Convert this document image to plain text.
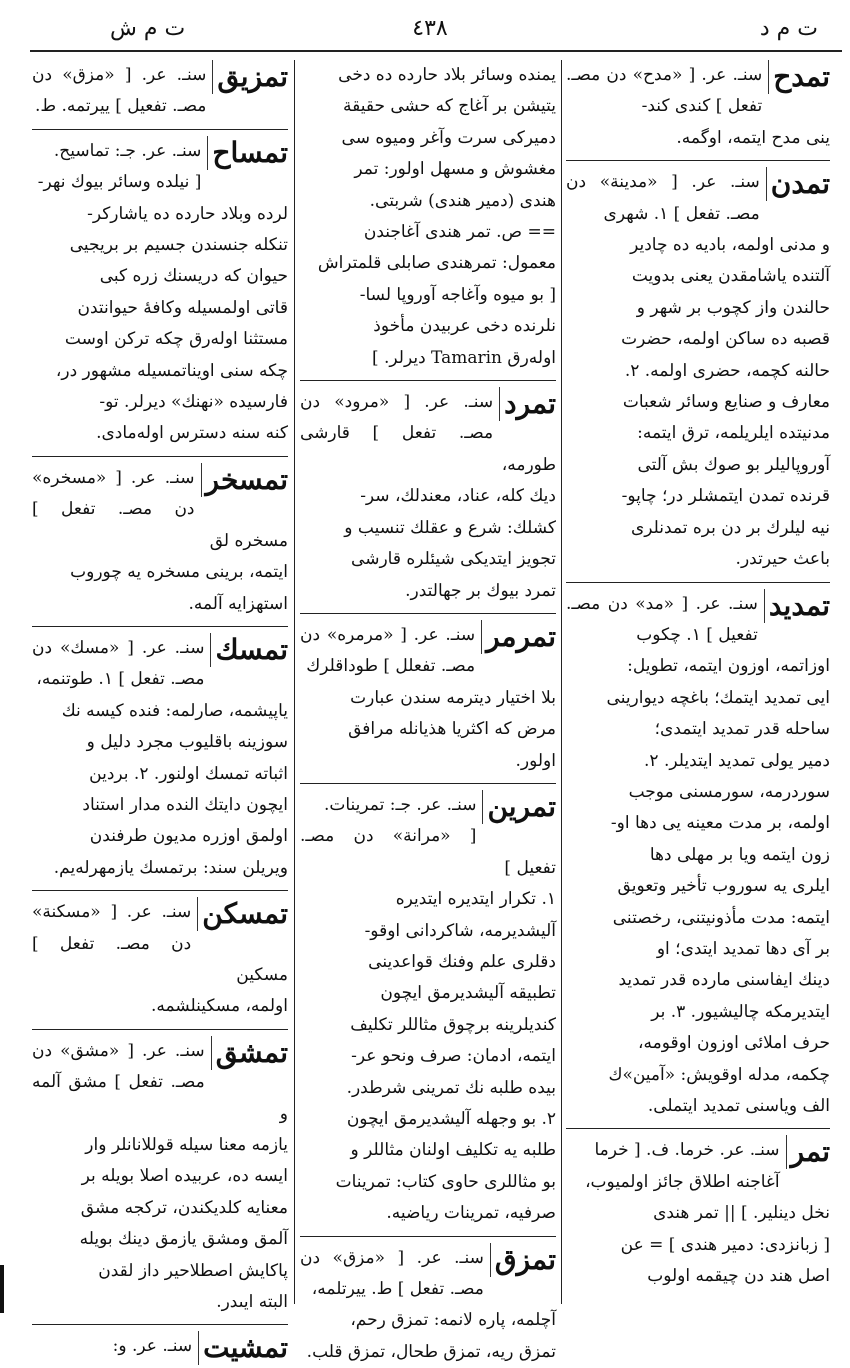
ت م د
٤٣٨
ت م ش
تمدح

سنـ. عر. [ «مدح» دن مصـ. تفعل ] كندى كند-

ينى مدح ايتمه، اوگمه.

تمدن

سنـ. عر. [ «مدينة» دن مصـ. تفعل ] ١. شهرى

و مدنى اولمه، باديه ده چادير

آلتنده ياشامقدن يعنى بدويت

حالندن واز كچوب بر شهر و

قصبه ده ساكن اولمه، حضرت

حالنه كچمه، حضرى اولمه. ٢.

معارف و صنايع وسائر شعبات

مدنيتده ايلريلمه، ترق ايتمه:

آوروپاليلر بو صوك بش آلتى

قرنده تمدن ايتمشلر در؛ چاپو-

نيه ليلرك بر دن بره تمدنلرى

باعث حيرتدر.

تمديد

سنـ. عر. [ «مد» دن مصـ. تفعيل ] ١. چكوب

اوزاتمه، اوزون ايتمه، تطويل:

ايى تمديد ايتمك؛ باغچه ديوارينى

ساحله قدر تمديد ايتمدى؛

دمير يولى تمديد ايتديلر. ٢.

سوردرمه، سورمسنى موجب

اولمه، بر مدت معينه يى دها او-

زون ايتمه ويا بر مهلى دها

ايلرى يه سوروب تأخير وتعويق

ايتمه: مدت مأذونيتنى، رخصتنى

بر آى دها تمديد ايتدى؛ او

دينك ايفاسنى مارده قدر تمديد

ايتديرمكه چاليشيور. ٣. بر

حرف املائى اوزون اوقومه،

چكمه، مدله اوقويش: «آمين»ك

الف وياسنى تمديد ايتملى.

تمر

سنـ. عر. خرما. ف. [ خرما

آغاجنه اطلاق جائز اولميوب،

نخل دينلير. ] || تمر هندى

[ زبانزدى: دمير هندى ] = عن

اصل هند دن چيقمه اولوب

يمنده وسائر بلاد حارده ده دخى

يتيشن بر آغاج كه حشى حقيقة

دميركى سرت وآغر وميوه سى

مغشوش و مسهل اولور: تمر

هندى (دمير هندى) شربتى.

== ص. تمر هندى آغاجندن

معمول: تمرهندى صابلى قلمتراش

[ بو ميوه وآغاجه آوروپا لسا-

نلرنده دخى عربيدن مأخوذ

اولەرق Tamarin ديرلر. ]

تمرد

سنـ. عر. [ «مرود» دن مصـ. تفعل ] قارشى طورمه،

ديك كله، عناد، معندلك، سر-

كشلك: شرع و عقلك تنسيب و

تجويز ايتديكى شيئلره قارشى

تمرد بيوك بر جهالتدر.

تمرمر

سنـ. عر. [ «مرمره» دن مصـ. تفعلل ] طوداقلرك

بلا اختيار ديترمه سندن عبارت

مرض كه اكثريا هذيانله مرافق

اولور.

تمرين

سنـ. عر. جـ: تمرينات.

[ «مرانة» دن مصـ. تفعيل ]

١. تكرار ايتديره ايتديره

آليشديرمه، شاكردانى اوقو-

دقلرى علم وفنك قواعدينى

تطبيقه آليشديرمق ايچون

كنديلرينه برچوق مثاللر تكليف

ايتمه، ادمان: صرف ونحو عر-

بيده طلبه نك تمرينى شرطدر.

٢. بو وجهله آليشديرمق ايچون

طلبه يه تكليف اولنان مثاللر و

بو مثاللرى حاوى كتاب: تمرينات

صرفيه، تمرينات رياضيه.

تمزق

سنـ. عر. [ «مزق» دن مصـ. تفعل ] ط. ييرتلمه،

آچلمه، پاره لانمه: تمزق رحم،

تمزق ريه، تمزق طحال، تمزق قلب.

تمزيق

سنـ. عر. [ «مزق» دن مصـ. تفعيل ] ييرتمه. ط.

تمساح

سنـ. عر. جـ: تماسيح.

[ نيلده وسائر بيوك نهر-

لرده وبلاد حارده ده ياشاركر-

تنكله جنسندن جسيم بر بريجيى

حيوان كه دريسنك زره كبى

قاتى اولمسيله وكافهٔ حيوانتدن

مستثنا اولەرق چكه تركن اوست

چكه سنى اويناتمسيله مشهور در،

فارسيده «نهنك» ديرلر. تو-

كنه سنه دسترس اولەمادى.

تمسخر

سنـ. عر. [ «مسخره» دن مصـ. تفعل ] مسخره لق

ايتمه، برينى مسخره يه چوروب

استهزايه آلمه.

تمسك

سنـ. عر. [ «مسك» دن مصـ. تفعل ] ١. طوتنمه،

ياپيشمه، صارلمه: فنده كيسه نك

سوزينه باقليوب مجرد دليل و

اثباته تمسك اولنور. ٢. بردين

ايچون دايتك الندە مدار استناد

اولمق اوزره مديون طرفندن

ويريلن سند: برتمسك يازمهرلەيم.

تمسكن

سنـ. عر. [ «مسكنة» دن مصـ. تفعل ] مسكين

اولمه، مسكينلشمه.

تمشق

سنـ. عر. [ «مشق» دن مصـ. تفعل ] مشق آلمه و

يازمه معنا سيله قوللانانلر وار

ايسه ده، عربيده اصلا بويله بر

معنايه كلديكندن، تركجه مشق

آلمق ومشق يازمق دينك بويله

پاكايش اصطلاحير داز لقدن

البته ايىدر.

تمشيت

سنـ. عر. و:
